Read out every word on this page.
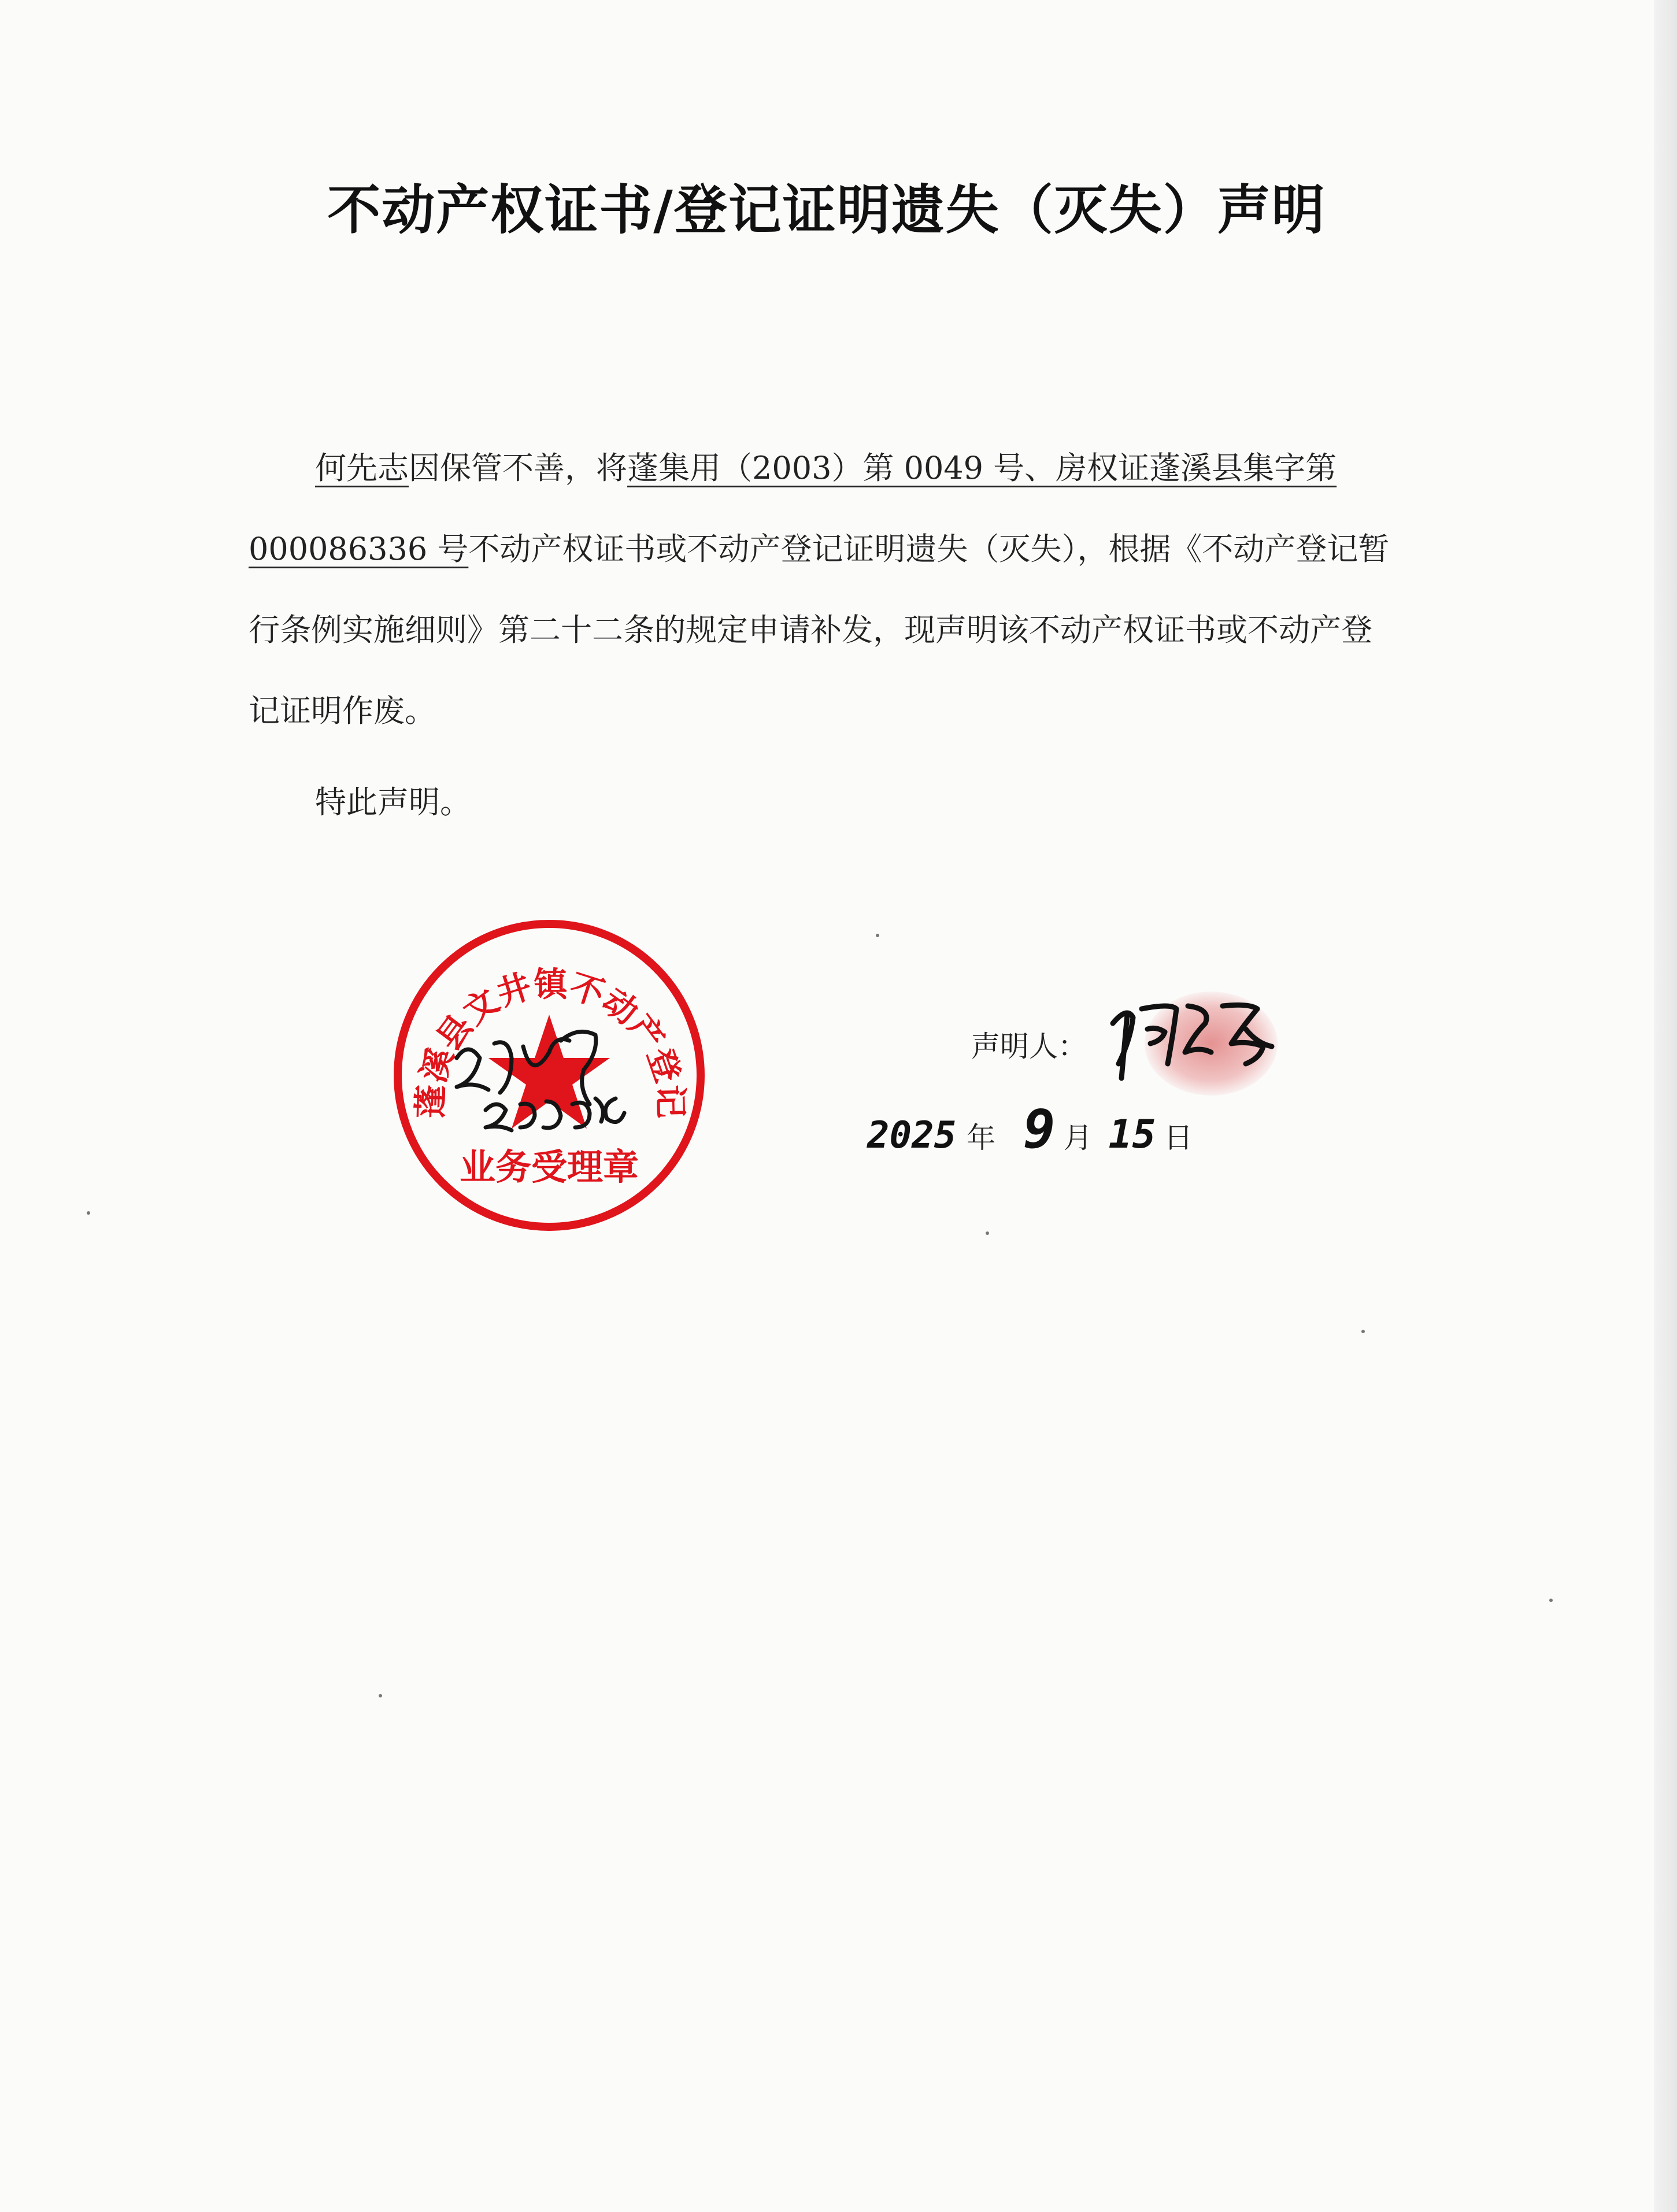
不动产权证书/登记证明遗失（灭失）声明
何先志因保管不善，将蓬集用（2003）第 0049 号、房权证蓬溪县集字第 000086336 号不动产权证书或不动产登记证明遗失（灭失），根据《不动产登记暂行条例实施细则》第二十二条的规定申请补发，现声明该不动产权证书或不动产登记证明作废。
特此声明。
蓬溪县文井镇不动产登记
业务受理章
声明人：
2025 年 9 月 15 日
